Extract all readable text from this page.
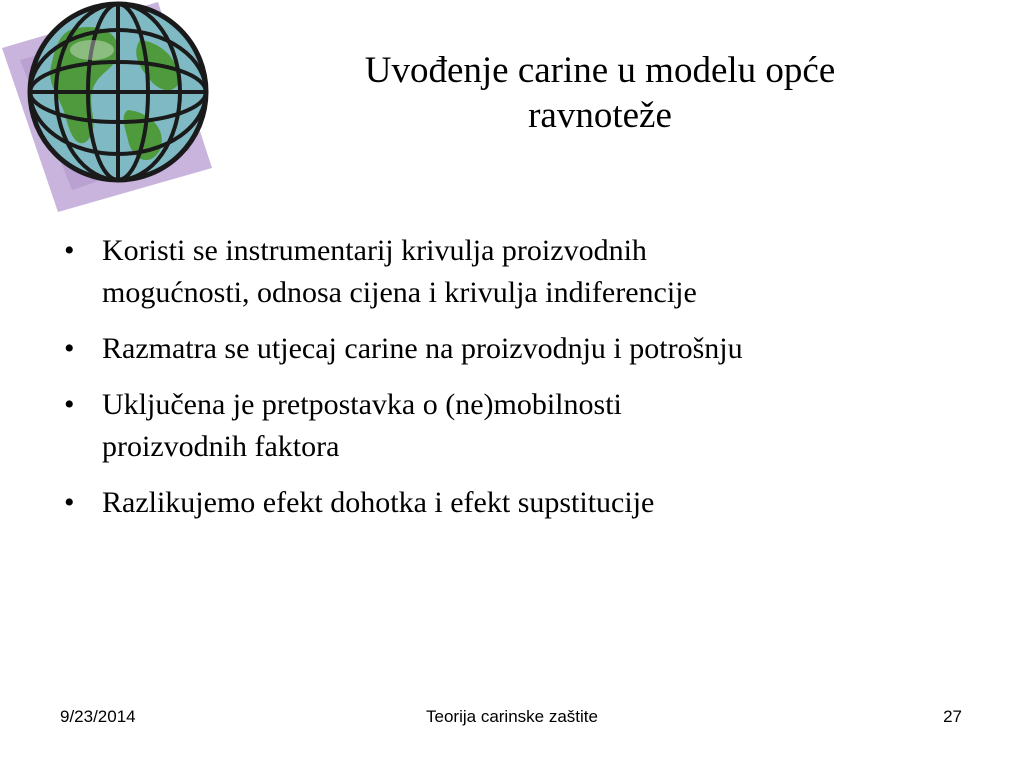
Uvođenje carine u modelu opće
ravnoteže
• Koristi se instrumentarij krivulja proizvodnih
mogućnosti, odnosa cijena i krivulja indiferencije
• Razmatra se utjecaj carine na proizvodnju i potrošnju
• Uključena je pretpostavka o (ne)mobilnosti
proizvodnih faktora
• Razlikujemo efekt dohotka i efekt supstitucije
9/23/2014	Teorija carinske zaštite	27
